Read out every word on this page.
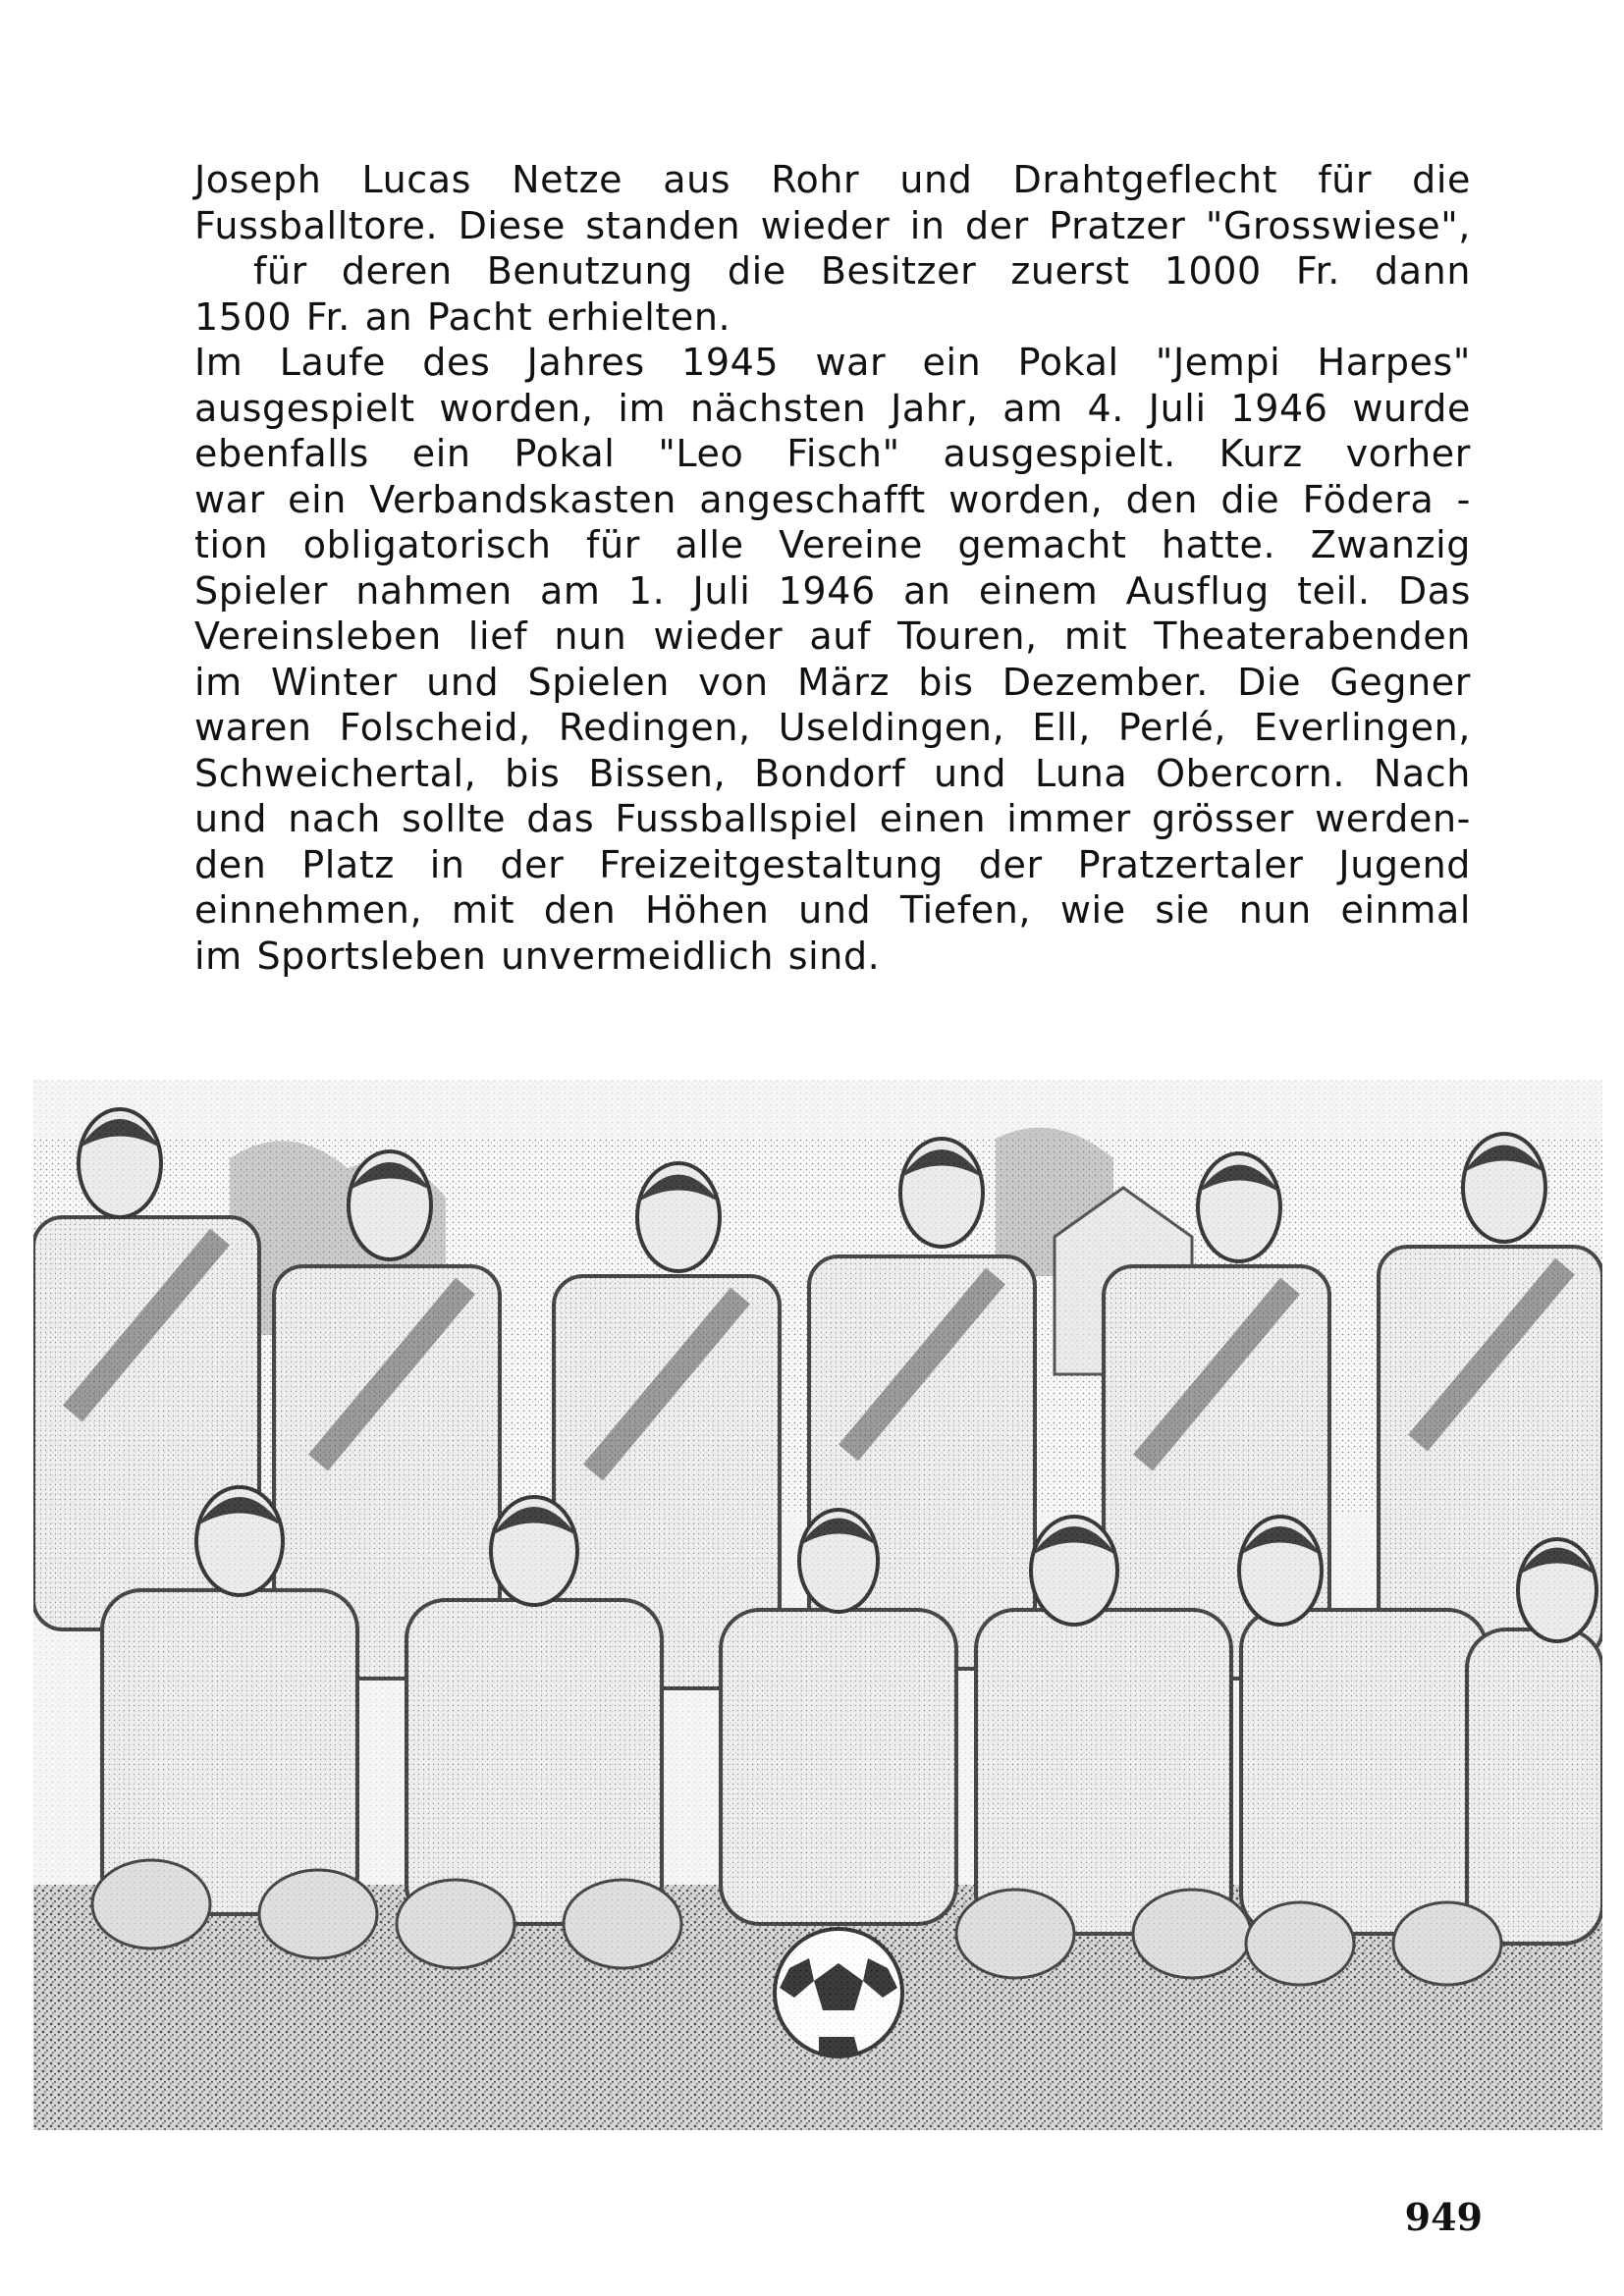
Joseph Lucas Netze aus Rohr und Drahtgeflecht für die
Fussballtore. Diese standen wieder in der Pratzer "Grosswiese",
für deren Benutzung die Besitzer zuerst 1000 Fr. dann
1500 Fr. an Pacht erhielten.
Im Laufe des Jahres 1945 war ein Pokal "Jempi Harpes"
ausgespielt worden, im nächsten Jahr, am 4. Juli 1946 wurde
ebenfalls ein Pokal "Leo Fisch" ausgespielt. Kurz vorher
war ein Verbandskasten angeschafft worden, den die Födera -
tion obligatorisch für alle Vereine gemacht hatte. Zwanzig
Spieler nahmen am 1. Juli 1946 an einem Ausflug teil. Das
Vereinsleben lief nun wieder auf Touren, mit Theaterabenden
im Winter und Spielen von März bis Dezember. Die Gegner
waren Folscheid, Redingen, Useldingen, Ell, Perlé, Everlingen,
Schweichertal, bis Bissen, Bondorf und Luna Obercorn. Nach
und nach sollte das Fussballspiel einen immer grösser werden-
den Platz in der Freizeitgestaltung der Pratzertaler Jugend
einnehmen, mit den Höhen und Tiefen, wie sie nun einmal
im Sportsleben unvermeidlich sind.
949
